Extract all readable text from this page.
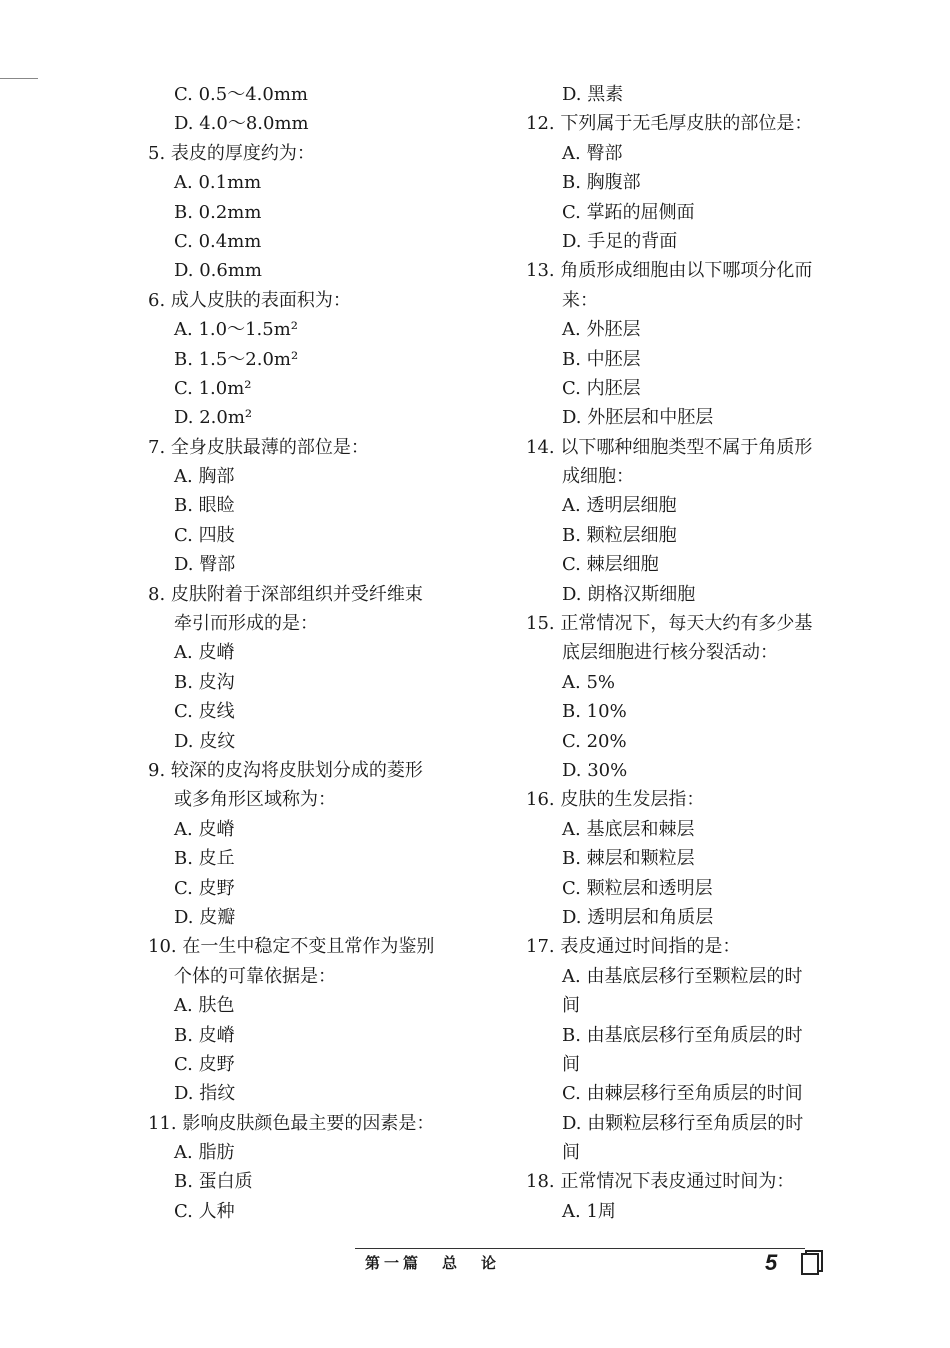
C. 0.5～4.0mm
D. 4.0～8.0mm
5. 表皮的厚度约为：
A. 0.1mm
B. 0.2mm
C. 0.4mm
D. 0.6mm
6. 成人皮肤的表面积为：
A. 1.0～1.5m²
B. 1.5～2.0m²
C. 1.0m²
D. 2.0m²
7. 全身皮肤最薄的部位是：
A. 胸部
B. 眼睑
C. 四肢
D. 臀部
8. 皮肤附着于深部组织并受纤维束
牵引而形成的是：
A. 皮嵴
B. 皮沟
C. 皮线
D. 皮纹
9. 较深的皮沟将皮肤划分成的菱形
或多角形区域称为：
A. 皮嵴
B. 皮丘
C. 皮野
D. 皮瓣
10. 在一生中稳定不变且常作为鉴别
个体的可靠依据是：
A. 肤色
B. 皮嵴
C. 皮野
D. 指纹
11. 影响皮肤颜色最主要的因素是：
A. 脂肪
B. 蛋白质
C. 人种
D. 黑素
12. 下列属于无毛厚皮肤的部位是：
A. 臀部
B. 胸腹部
C. 掌跖的屈侧面
D. 手足的背面
13. 角质形成细胞由以下哪项分化而
来：
A. 外胚层
B. 中胚层
C. 内胚层
D. 外胚层和中胚层
14. 以下哪种细胞类型不属于角质形
成细胞：
A. 透明层细胞
B. 颗粒层细胞
C. 棘层细胞
D. 朗格汉斯细胞
15. 正常情况下，每天大约有多少基
底层细胞进行核分裂活动：
A. 5%
B. 10%
C. 20%
D. 30%
16. 皮肤的生发层指：
A. 基底层和棘层
B. 棘层和颗粒层
C. 颗粒层和透明层
D. 透明层和角质层
17. 表皮通过时间指的是：
A. 由基底层移行至颗粒层的时
间
B. 由基底层移行至角质层的时
间
C. 由棘层移行至角质层的时间
D. 由颗粒层移行至角质层的时
间
18. 正常情况下表皮通过时间为：
A. 1周
第一篇 总 论	5
